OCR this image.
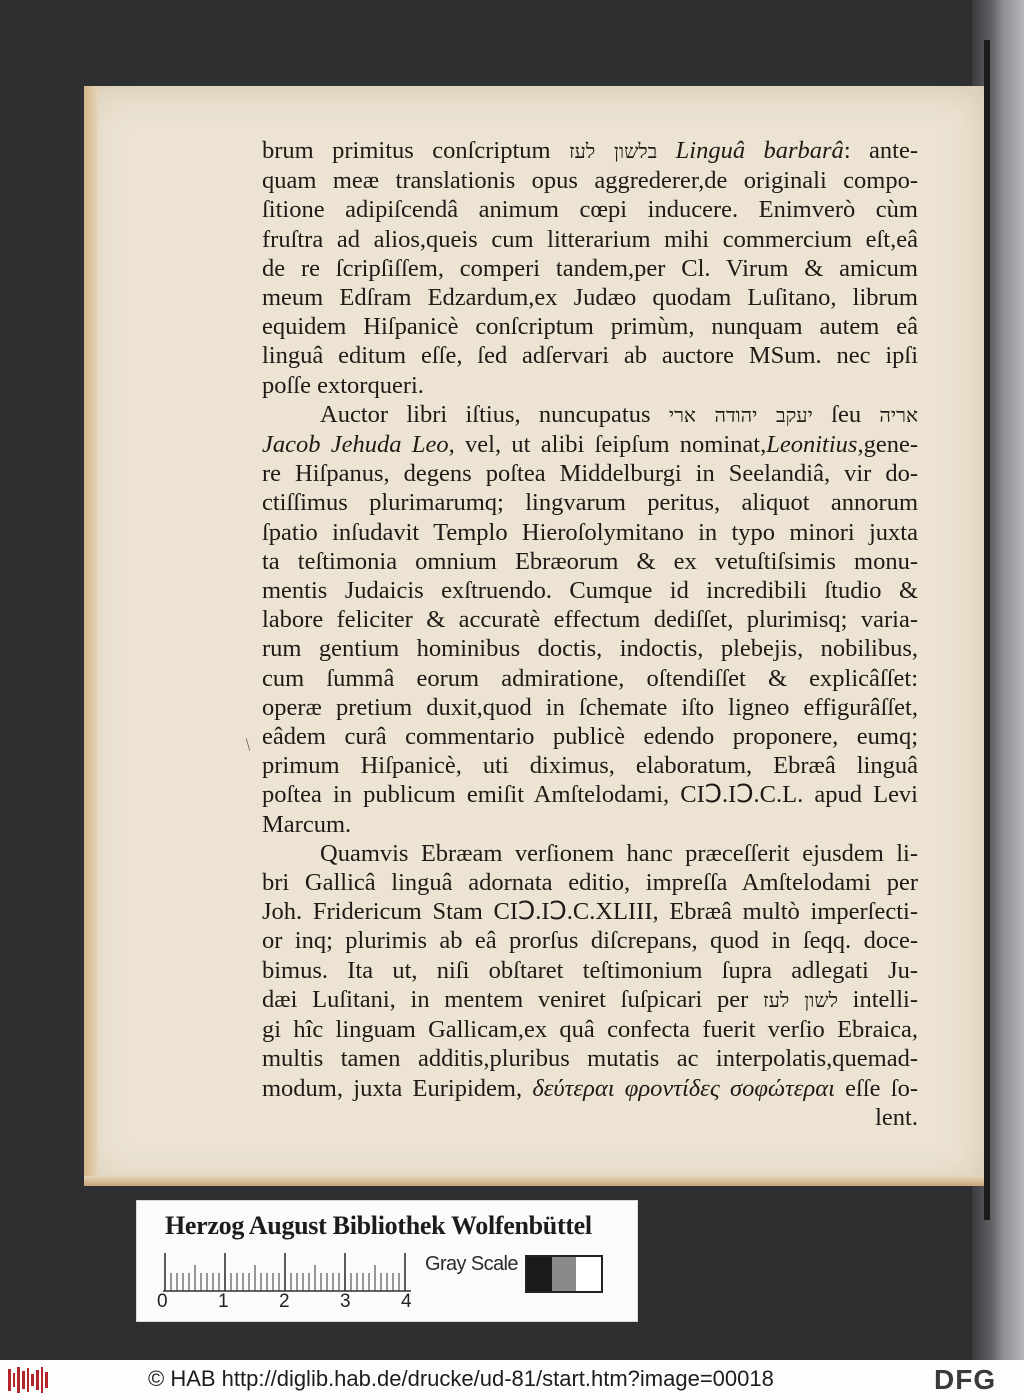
brum primitus conſcriptum בלשון לעז Linguâ barbarâ: ante-
quam meæ translationis opus aggrederer,de originali compo-
ſitione adipiſcendâ animum cœpi inducere. Enimverò cùm
fruſtra ad alios,queis cum litterarium mihi commercium eſt,eâ
de re ſcripſiſſem, comperi tandem,per Cl. Virum & amicum
meum Edſram Edzardum,ex Judæo quodam Luſitano, librum
equidem Hiſpanicè conſcriptum primùm, nunquam autem eâ
linguâ editum eſſe, ſed adſervari ab auctore MSum. nec ipſi
poſſe extorqueri.
Auctor libri iſtius, nuncupatus יעקב יהודה ארי ſeu אריה
Jacob Jehuda Leo, vel, ut alibi ſeipſum nominat,Leonitius,gene-
re Hiſpanus, degens poſtea Middelburgi in Seelandiâ, vir do-
ctiſſimus plurimarumq; lingvarum peritus, aliquot annorum
ſpatio inſudavit Templo Hieroſolymitano in typo minori juxta
ta teſtimonia omnium Ebræorum & ex vetuſtiſsimis monu-
mentis Judaicis exſtruendo. Cumque id incredibili ſtudio &
labore feliciter & accuratè effectum dediſſet, plurimisq; varia-
rum gentium hominibus doctis, indoctis, plebejis, nobilibus,
cum ſummâ eorum admiratione, oſtendiſſet & explicâſſet:
operæ pretium duxit,quod in ſchemate iſto ligneo effigurâſſet,
eâdem curâ commentario publicè edendo proponere, eumq;
primum Hiſpanicè, uti diximus, elaboratum, Ebræâ linguâ
poſtea in publicum emiſit Amſtelodami, CIↃ.IↃ.C.L. apud Levi
Marcum.
Quamvis Ebræam verſionem hanc præceſſerit ejusdem li-
bri Gallicâ linguâ adornata editio, impreſſa Amſtelodami per
Joh. Fridericum Stam CIↃ.IↃ.C.XLIII, Ebræâ multò imperſecti-
or inq; plurimis ab eâ prorſus diſcrepans, quod in ſeqq. doce-
bimus. Ita ut, niſi obſtaret teſtimonium ſupra adlegati Ju-
dæi Luſitani, in mentem veniret ſuſpicari per לשון לעז intelli-
gi hîc linguam Gallicam,ex quâ confecta fuerit verſio Ebraica,
multis tamen additis,pluribus mutatis ac interpolatis,quemad-
modum, juxta Euripidem, δεύτεραι φροντίδες σοφώτεραι eſſe ſo-
lent.
/
Herzog August Bibliothek Wolfenbüttel
0	1	2	3	4
Gray Scale
© HAB http://diglib.hab.de/drucke/ud-81/start.htm?image=00018	DFG
